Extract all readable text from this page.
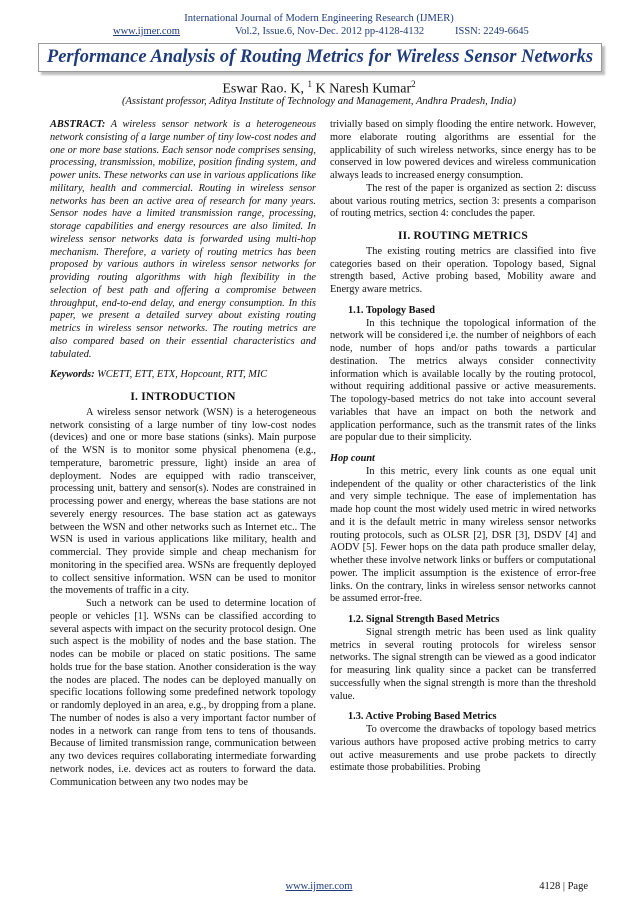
International Journal of Modern Engineering Research (IJMER)
www.ijmer.com	Vol.2, Issue.6, Nov-Dec. 2012 pp-4128-4132	ISSN: 2249-6645
Performance Analysis of Routing Metrics for Wireless Sensor Networks
Eswar Rao. K, $^1$ K Naresh Kumar$^2$
(Assistant professor, Aditya Institute of Technology and Management, Andhra Pradesh, India)

ABSTRACT: A wireless sensor network is a heterogeneous network consisting of a large number of tiny low-cost nodes and one or more base stations. Each sensor node comprises sensing, processing, transmission, mobilize, position finding system, and power units. These networks can use in various applications like military, health and commercial. Routing in wireless sensor networks has been an active area of research for many years. Sensor nodes have a limited transmission range, processing, storage capabilities and energy resources are also limited. In wireless sensor networks data is forwarded using multi-hop mechanism. Therefore, a variety of routing metrics has been proposed by various authors in wireless sensor networks for providing routing algorithms with high flexibility in the selection of best path and offering a compromise between throughput, end-to-end delay, and energy consumption. In this paper, we present a detailed survey about existing routing metrics in wireless sensor networks. The routing metrics are also compared based on their essential characteristics and tabulated.

Keywords: WCETT, ETT, ETX, Hopcount, RTT, MIC

I. INTRODUCTION

A wireless sensor network (WSN) is a heterogeneous network consisting of a large number of tiny low-cost nodes (devices) and one or more base stations (sinks). Main purpose of the WSN is to monitor some physical phenomena (e.g., temperature, barometric pressure, light) inside an area of deployment. Nodes are equipped with radio transceiver, processing unit, battery and sensor(s). Nodes are constrained in processing power and energy, whereas the base stations are not severely energy resources. The base station act as gateways between the WSN and other networks such as Internet etc.. The WSN is used in various applications like military, health and commercial. They provide simple and cheap mechanism for monitoring in the specified area. WSNs are frequently deployed to collect sensitive information. WSN can be used to monitor the movements of traffic in a city.

Such a network can be used to determine location of people or vehicles [1]. WSNs can be classified according to several aspects with impact on the security protocol design. One such aspect is the mobility of nodes and the base station. The nodes can be mobile or placed on static positions. The same holds true for the base station. Another consideration is the way the nodes are placed. The nodes can be deployed manually on specific locations following some predefined network topology or randomly deployed in an area, e.g., by dropping from a plane. The number of nodes is also a very important factor number of nodes in a network can range from tens to tens of thousands. Because of limited transmission range, communication between any two devices requires collaborating intermediate forwarding network nodes, i.e. devices act as routers to forward the data. Communication between any two nodes may be

trivially based on simply flooding the entire network. However, more elaborate routing algorithms are essential for the applicability of such wireless networks, since energy has to be conserved in low powered devices and wireless communication always leads to increased energy consumption.

The rest of the paper is organized as section 2: discuss about various routing metrics, section 3: presents a comparison of routing metrics, section 4: concludes the paper.

II. ROUTING METRICS

The existing routing metrics are classified into five categories based on their operation. Topology based, Signal strength based, Active probing based, Mobility aware and Energy aware metrics.

1.1. Topology Based

In this technique the topological information of the network will be considered i,e. the number of neighbors of each node, number of hops and/or paths towards a particular destination. The metrics always consider connectivity information which is available locally by the routing protocol, without requiring additional passive or active measurements. The topology-based metrics do not take into account several variables that have an impact on both the network and application performance, such as the transmit rates of the links are popular due to their simplicity.

Hop count

In this metric, every link counts as one equal unit independent of the quality or other characteristics of the link and very simple technique. The ease of implementation has made hop count the most widely used metric in wired networks and it is the default metric in many wireless sensor networks routing protocols, such as OLSR [2], DSR [3], DSDV [4] and AODV [5]. Fewer hops on the data path produce smaller delay, whether these involve network links or buffers or computational power. The implicit assumption is the existence of error-free links. On the contrary, links in wireless sensor networks cannot be assumed error-free.

1.2. Signal Strength Based Metrics

Signal strength metric has been used as link quality metrics in several routing protocols for wireless sensor networks. The signal strength can be viewed as a good indicator for measuring link quality since a packet can be transferred successfully when the signal strength is more than the threshold value.

1.3. Active Probing Based Metrics

To overcome the drawbacks of topology based metrics various authors have proposed active probing metrics to carry out active measurements and use probe packets to directly estimate those probabilities. Probing

www.ijmer.com	4128 | Page
